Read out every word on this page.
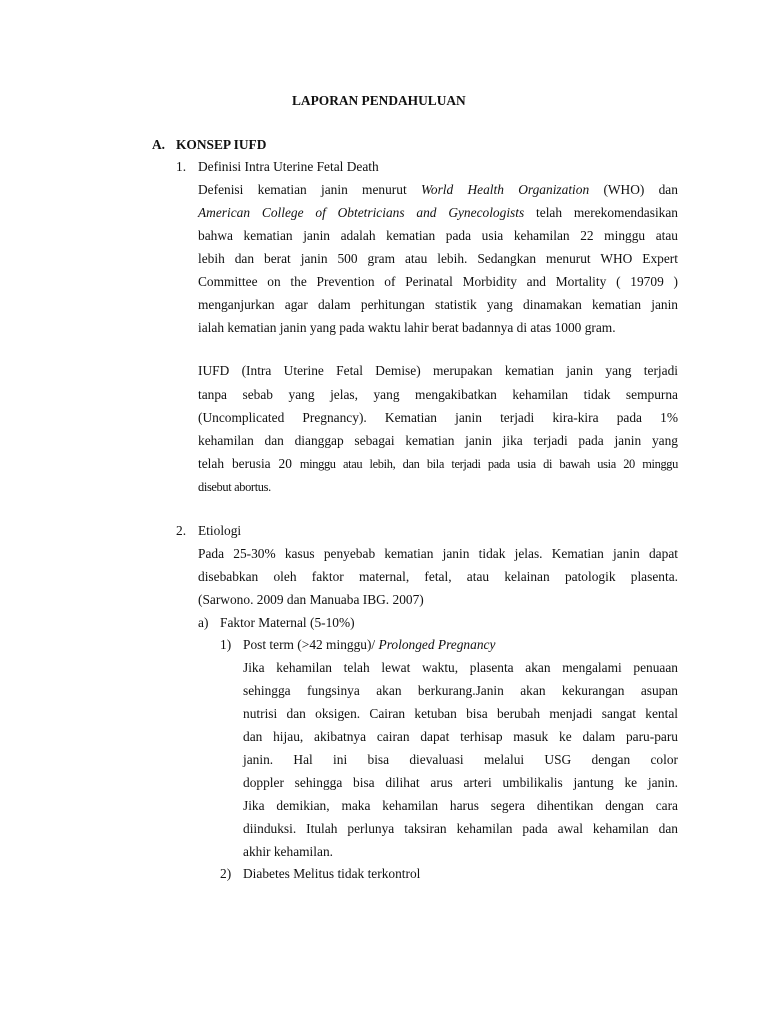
LAPORAN PENDAHULUAN
A. KONSEP IUFD
1. Definisi Intra Uterine Fetal Death
Defenisi kematian janin menurut World Health Organization (WHO) dan
American College of Obtetricians and Gynecologists telah merekomendasikan
bahwa kematian janin adalah kematian pada usia kehamilan 22 minggu atau
lebih dan berat janin 500 gram atau lebih. Sedangkan menurut WHO Expert
Committee on the Prevention of Perinatal Morbidity and Mortality ( 19709 )
menganjurkan agar dalam perhitungan statistik yang dinamakan kematian janin
ialah kematian janin yang pada waktu lahir berat badannya di atas 1000 gram.
IUFD (Intra Uterine Fetal Demise) merupakan kematian janin yang terjadi
tanpa sebab yang jelas, yang mengakibatkan kehamilan tidak sempurna
(Uncomplicated Pregnancy). Kematian janin terjadi kira-kira pada 1%
kehamilan dan dianggap sebagai kematian janin jika terjadi pada janin yang
telah berusia 20 minggu atau lebih, dan bila terjadi pada usia di bawah usia 20 minggu
disebut abortus.
2. Etiologi
Pada 25-30% kasus penyebab kematian janin tidak jelas. Kematian janin dapat
disebabkan oleh faktor maternal, fetal, atau kelainan patologik plasenta.
(Sarwono. 2009 dan Manuaba IBG. 2007)
a) Faktor Maternal (5-10%)
1) Post term (>42 minggu)/ Prolonged Pregnancy
Jika kehamilan telah lewat waktu, plasenta akan mengalami penuaan
sehingga fungsinya akan berkurang.Janin akan kekurangan asupan
nutrisi dan oksigen. Cairan ketuban bisa berubah menjadi sangat kental
dan hijau, akibatnya cairan dapat terhisap masuk ke dalam paru-paru
janin. Hal ini bisa dievaluasi melalui USG dengan color
doppler sehingga bisa dilihat arus arteri umbilikalis jantung ke janin.
Jika demikian, maka kehamilan harus segera dihentikan dengan cara
diinduksi. Itulah perlunya taksiran kehamilan pada awal kehamilan dan
akhir kehamilan.
2) Diabetes Melitus tidak terkontrol
